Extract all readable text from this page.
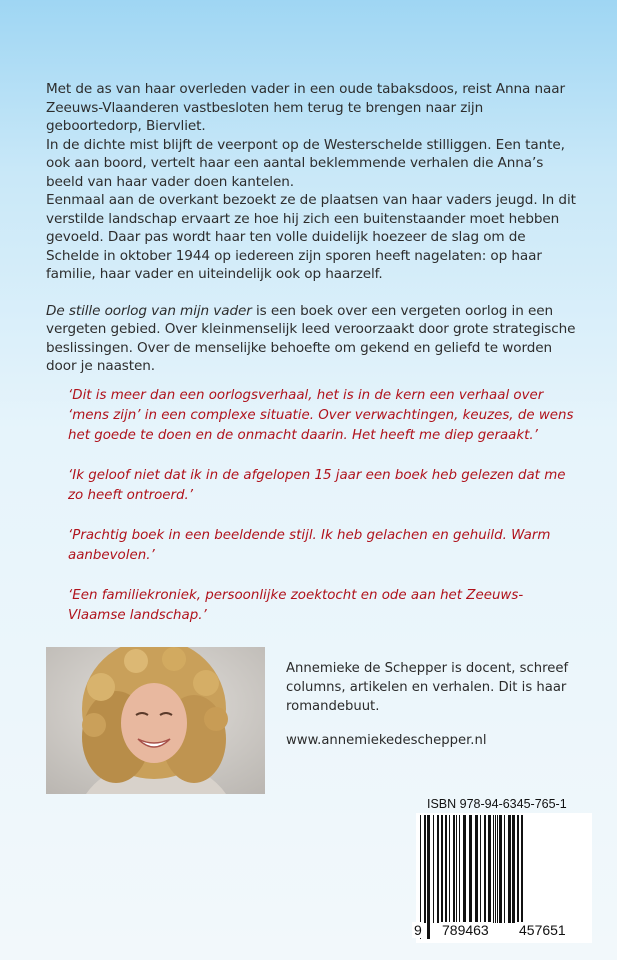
Met de as van haar overleden vader in een oude tabaksdoos, reist Anna naar Zeeuws-Vlaanderen vastbesloten hem terug te brengen naar zijn geboortedorp, Biervliet.

In de dichte mist blijft de veerpont op de Westerschelde stilliggen. Een tante, ook aan boord, vertelt haar een aantal beklemmende verhalen die Anna’s beeld van haar vader doen kantelen.

Eenmaal aan de overkant bezoekt ze de plaatsen van haar vaders jeugd. In dit verstilde landschap ervaart ze hoe hij zich een buitenstaander moet hebben gevoeld. Daar pas wordt haar ten volle duidelijk hoezeer de slag om de Schelde in oktober 1944 op iedereen zijn sporen heeft nagelaten: op haar familie, haar vader en uiteindelijk ook op haarzelf.

De stille oorlog van mijn vader is een boek over een vergeten oorlog in een vergeten gebied. Over kleinmenselijk leed veroorzaakt door grote strategische beslissingen. Over de menselijke behoefte om gekend en geliefd te worden door je naasten.

‘Dit is meer dan een oorlogsverhaal, het is in de kern een verhaal over ‘mens zijn’ in een complexe situatie. Over verwachtingen, keuzes, de wens het goede te doen en de onmacht daarin. Het heeft me diep geraakt.’

‘Ik geloof niet dat ik in de afgelopen 15 jaar een boek heb gelezen dat me zo heeft ontroerd.’

‘Prachtig boek in een beeldende stijl. Ik heb gelachen en gehuild. Warm aanbevolen.’

‘Een familiekroniek, persoonlijke zoektocht en ode aan het Zeeuws-Vlaamse landschap.’

Annemieke de Schepper is docent, schreef columns, artikelen en verhalen. Dit is haar romandebuut.
www.annemiekedeschepper.nl
ISBN 978-94-6345-765-1
9 789463 457651
